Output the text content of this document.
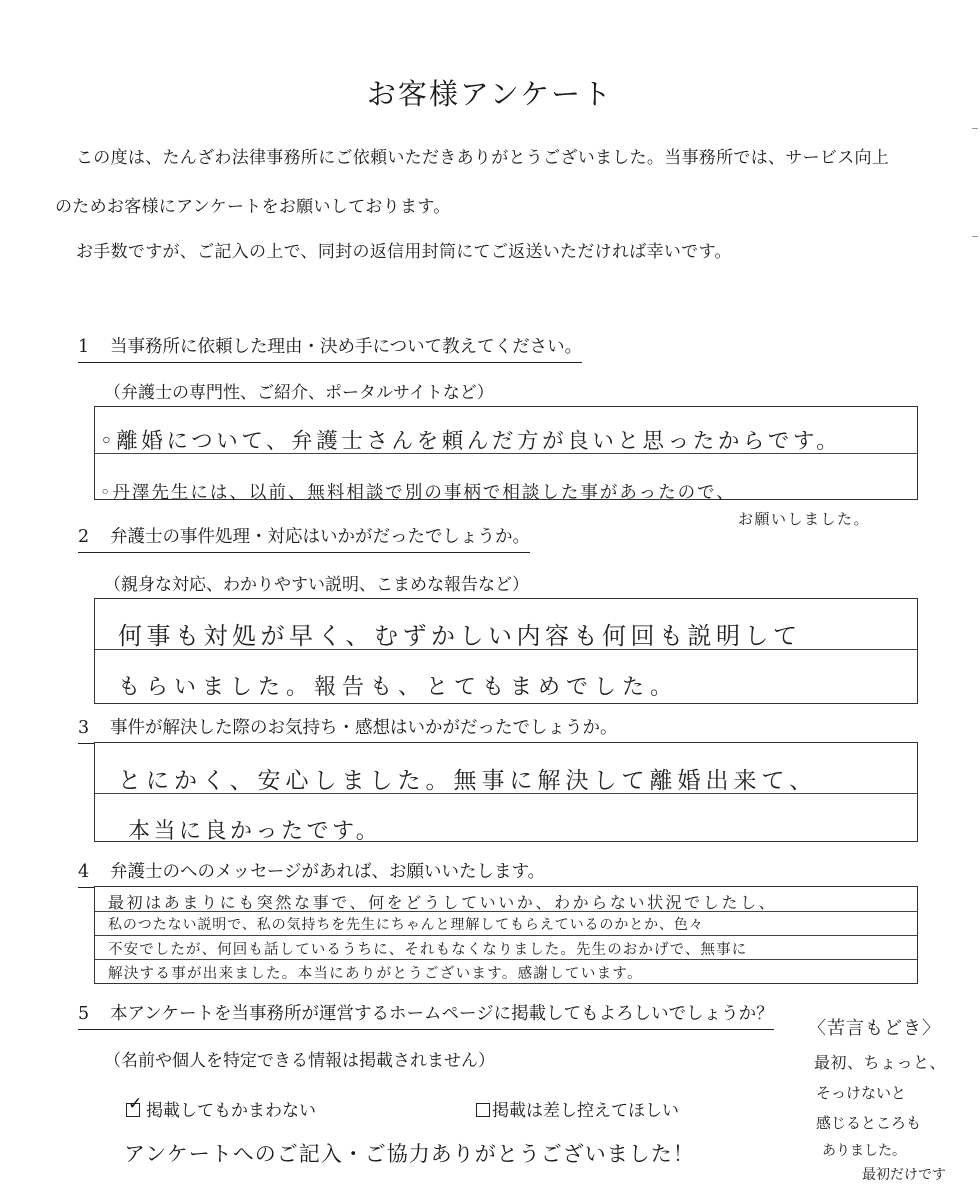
お客様アンケート
この度は、たんざわ法律事務所にご依頼いただきありがとうございました。当事務所では、サービス向上
のためお客様にアンケートをお願いしております。
お手数ですが、ご記入の上で、同封の返信用封筒にてご返送いただければ幸いです。
1 当事務所に依頼した理由・決め手について教えてください。
（弁護士の専門性、ご紹介、ポータルサイトなど）
◦離婚について、弁護士さんを頼んだ方が良いと思ったからです。
◦丹澤先生には、以前、無料相談で別の事柄で相談した事があったので、
お願いしました。
2 弁護士の事件処理・対応はいかがだったでしょうか。
（親身な対応、わかりやすい説明、こまめな報告など）
何事も対処が早く、むずかしい内容も何回も説明して
もらいました。報告も、とてもまめでした。
3 事件が解決した際のお気持ち・感想はいかがだったでしょうか。
とにかく、安心しました。無事に解決して離婚出来て、
本当に良かったです。
4 弁護士のへのメッセージがあれば、お願いいたします。
最初はあまりにも突然な事で、何をどうしていいか、わからない状況でしたし、
私のつたない説明で、私の気持ちを先生にちゃんと理解してもらえているのかとか、色々
不安でしたが、何回も話しているうちに、それもなくなりました。先生のおかげで、無事に
解決する事が出来ました。本当にありがとうございます。感謝しています。
5 本アンケートを当事務所が運営するホームページに掲載してもよろしいでしょうか？
（名前や個人を特定できる情報は掲載されません）
✓ 掲載してもかまわない	掲載は差し控えてほしい
アンケートへのご記入・ご協力ありがとうございました！
〈苦言もどき〉
最初、ちょっと、
そっけないと
感じるところも
ありました。
最初だけです
